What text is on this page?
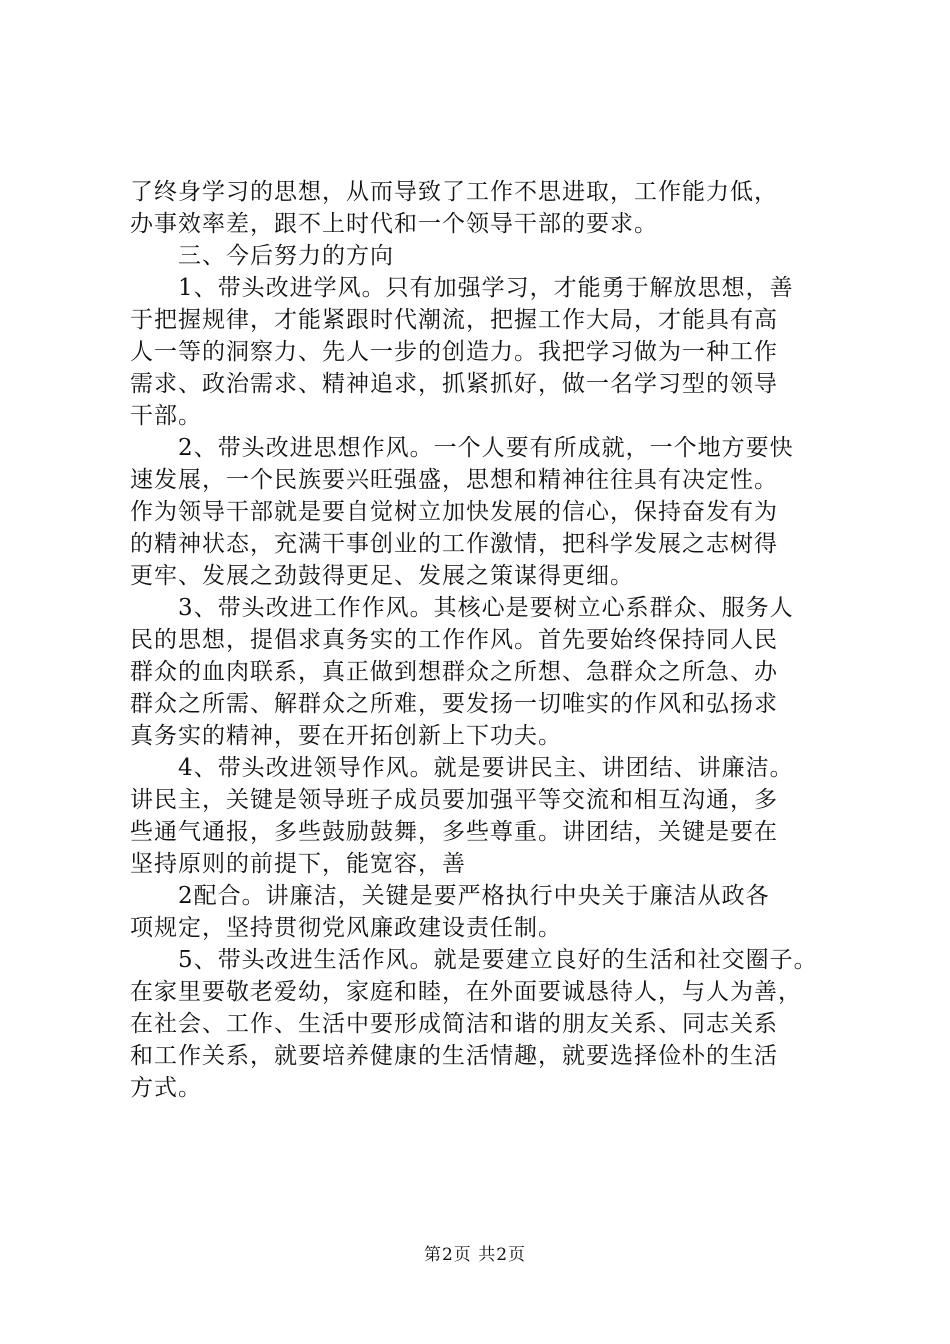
了终身学习的思想，从而导致了工作不思进取，工作能力低，
办事效率差，跟不上时代和一个领导干部的要求。
三、今后努力的方向
1、带头改进学风。只有加强学习，才能勇于解放思想，善
于把握规律，才能紧跟时代潮流，把握工作大局，才能具有高
人一等的洞察力、先人一步的创造力。我把学习做为一种工作
需求、政治需求、精神追求，抓紧抓好，做一名学习型的领导
干部。
2、带头改进思想作风。一个人要有所成就，一个地方要快
速发展，一个民族要兴旺强盛，思想和精神往往具有决定性。
作为领导干部就是要自觉树立加快发展的信心，保持奋发有为
的精神状态，充满干事创业的工作激情，把科学发展之志树得
更牢、发展之劲鼓得更足、发展之策谋得更细。
3、带头改进工作作风。其核心是要树立心系群众、服务人
民的思想，提倡求真务实的工作作风。首先要始终保持同人民
群众的血肉联系，真正做到想群众之所想、急群众之所急、办
群众之所需、解群众之所难，要发扬一切唯实的作风和弘扬求
真务实的精神，要在开拓创新上下功夫。
4、带头改进领导作风。就是要讲民主、讲团结、讲廉洁。
讲民主，关键是领导班子成员要加强平等交流和相互沟通，多
些通气通报，多些鼓励鼓舞，多些尊重。讲团结，关键是要在
坚持原则的前提下，能宽容，善
2配合。讲廉洁，关键是要严格执行中央关于廉洁从政各
项规定，坚持贯彻党风廉政建设责任制。
5、带头改进生活作风。就是要建立良好的生活和社交圈子。
在家里要敬老爱幼，家庭和睦，在外面要诚恳待人，与人为善，
在社会、工作、生活中要形成简洁和谐的朋友关系、同志关系
和工作关系，就要培养健康的生活情趣，就要选择俭朴的生活
方式。
第2页 共2页
